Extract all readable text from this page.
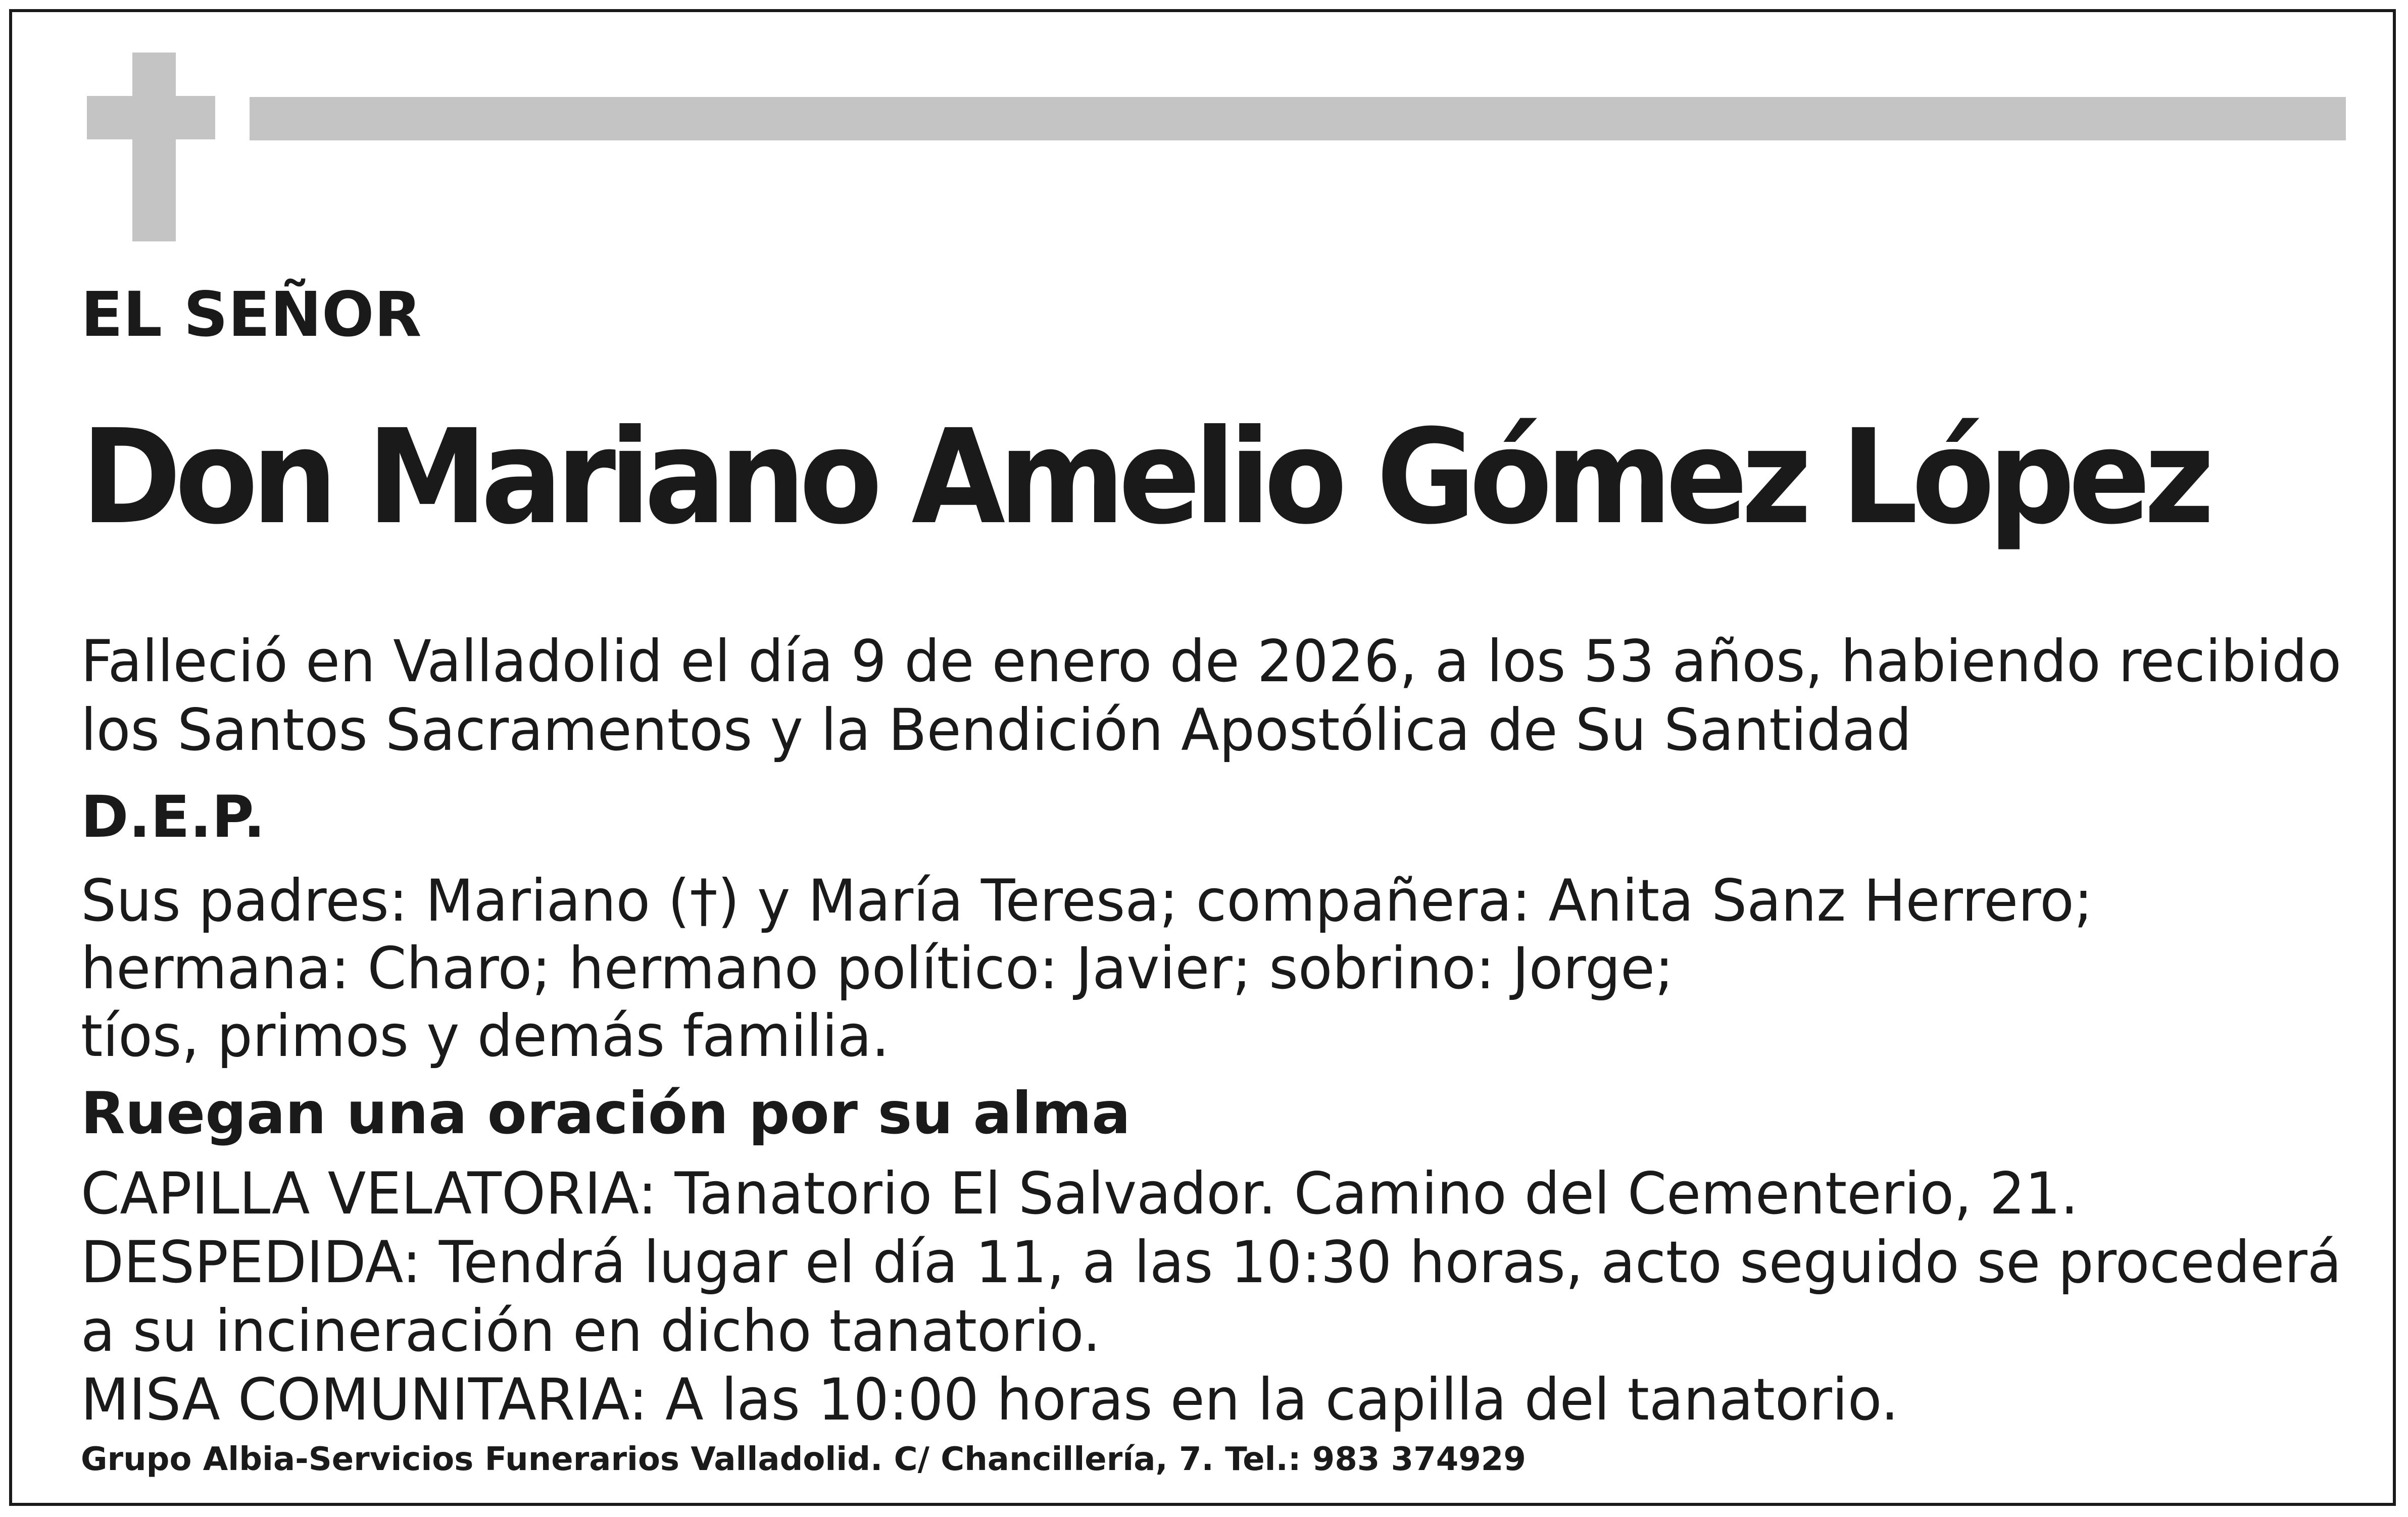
EL SEÑOR

Don Mariano Amelio Gómez López

Falleció en Valladolid el día 9 de enero de 2026, a los 53 años, habiendo recibido

los Santos Sacramentos y la Bendición Apostólica de Su Santidad

D.E.P.

Sus padres: Mariano (†) y María Teresa; compañera: Anita Sanz Herrero;

hermana: Charo; hermano político: Javier; sobrino: Jorge;

tíos, primos y demás familia.

Ruegan una oración por su alma

CAPILLA VELATORIA: Tanatorio El Salvador. Camino del Cementerio, 21.

DESPEDIDA: Tendrá lugar el día 11, a las 10:30 horas, acto seguido se procederá

a su incineración en dicho tanatorio.

MISA COMUNITARIA: A las 10:00 horas en la capilla del tanatorio.

Grupo Albia-Servicios Funerarios Valladolid. C/ Chancillería, 7. Tel.: 983 374929
